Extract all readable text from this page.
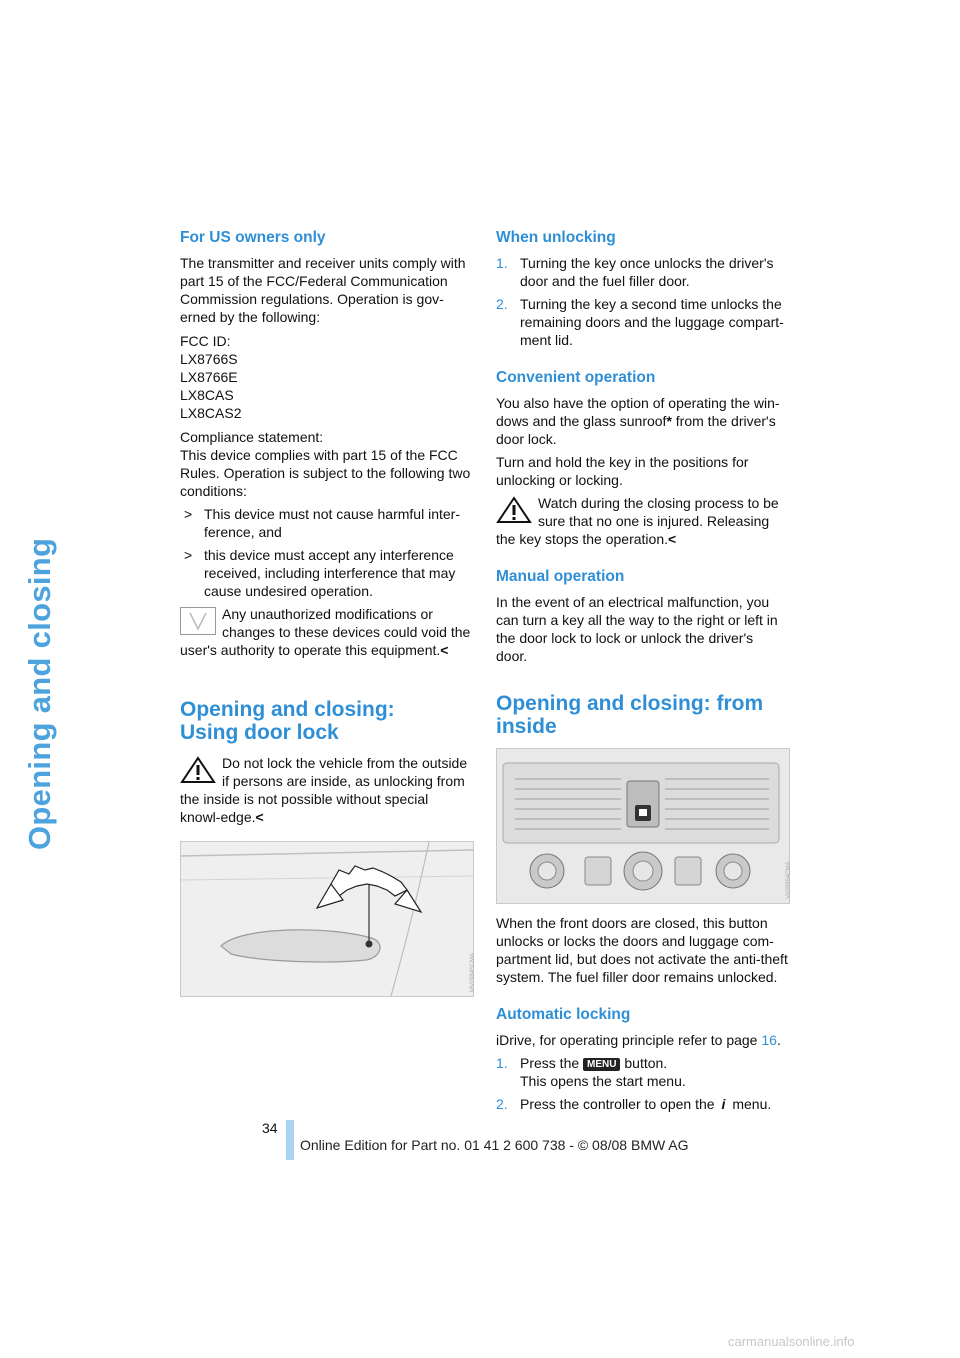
Opening and closing
For US owners only

The transmitter and receiver units comply with part 15 of the FCC/Federal Communication Commission regulations. Operation is gov-erned by the following:

FCC ID:
LX8766S
LX8766E
LX8CAS
LX8CAS2

Compliance statement:
This device complies with part 15 of the FCC Rules. Operation is subject to the following two conditions:

> This device must not cause harmful inter-ference, and
> this device must accept any interference received, including interference that may cause undesired operation.
Any unauthorized modifications or changes to these devices could void the user's authority to operate this equipment.<
Opening and closing:
Using door lock
Do not lock the vehicle from the outside if persons are inside, as unlocking from the inside is not possible without special knowl-edge.<
MV09845CMA
When unlocking
1. Turning the key once unlocks the driver's door and the fuel filler door.
2. Turning the key a second time unlocks the remaining doors and the luggage compart-ment lid.
Convenient operation

You also have the option of operating the win-dows and the glass sunroof* from the driver's door lock.

Turn and hold the key in the positions for unlocking or locking.

Watch during the closing process to be sure that no one is injured. Releasing the key stops the operation.<
Manual operation

In the event of an electrical malfunction, you can turn a key all the way to the right or left in the door lock to lock or unlock the driver's door.

Opening and closing: from
inside
VA09854CMA

When the front doors are closed, this button unlocks or locks the doors and luggage com-partment lid, but does not activate the anti-theft system. The fuel filler door remains unlocked.

Automatic locking

iDrive, for operating principle refer to page 16.

1. Press the MENU button.
This opens the start menu.
2. Press the controller to open the i menu.
34
Online Edition for Part no. 01 41 2 600 738 - © 08/08 BMW AG
carmanualsonline.info
